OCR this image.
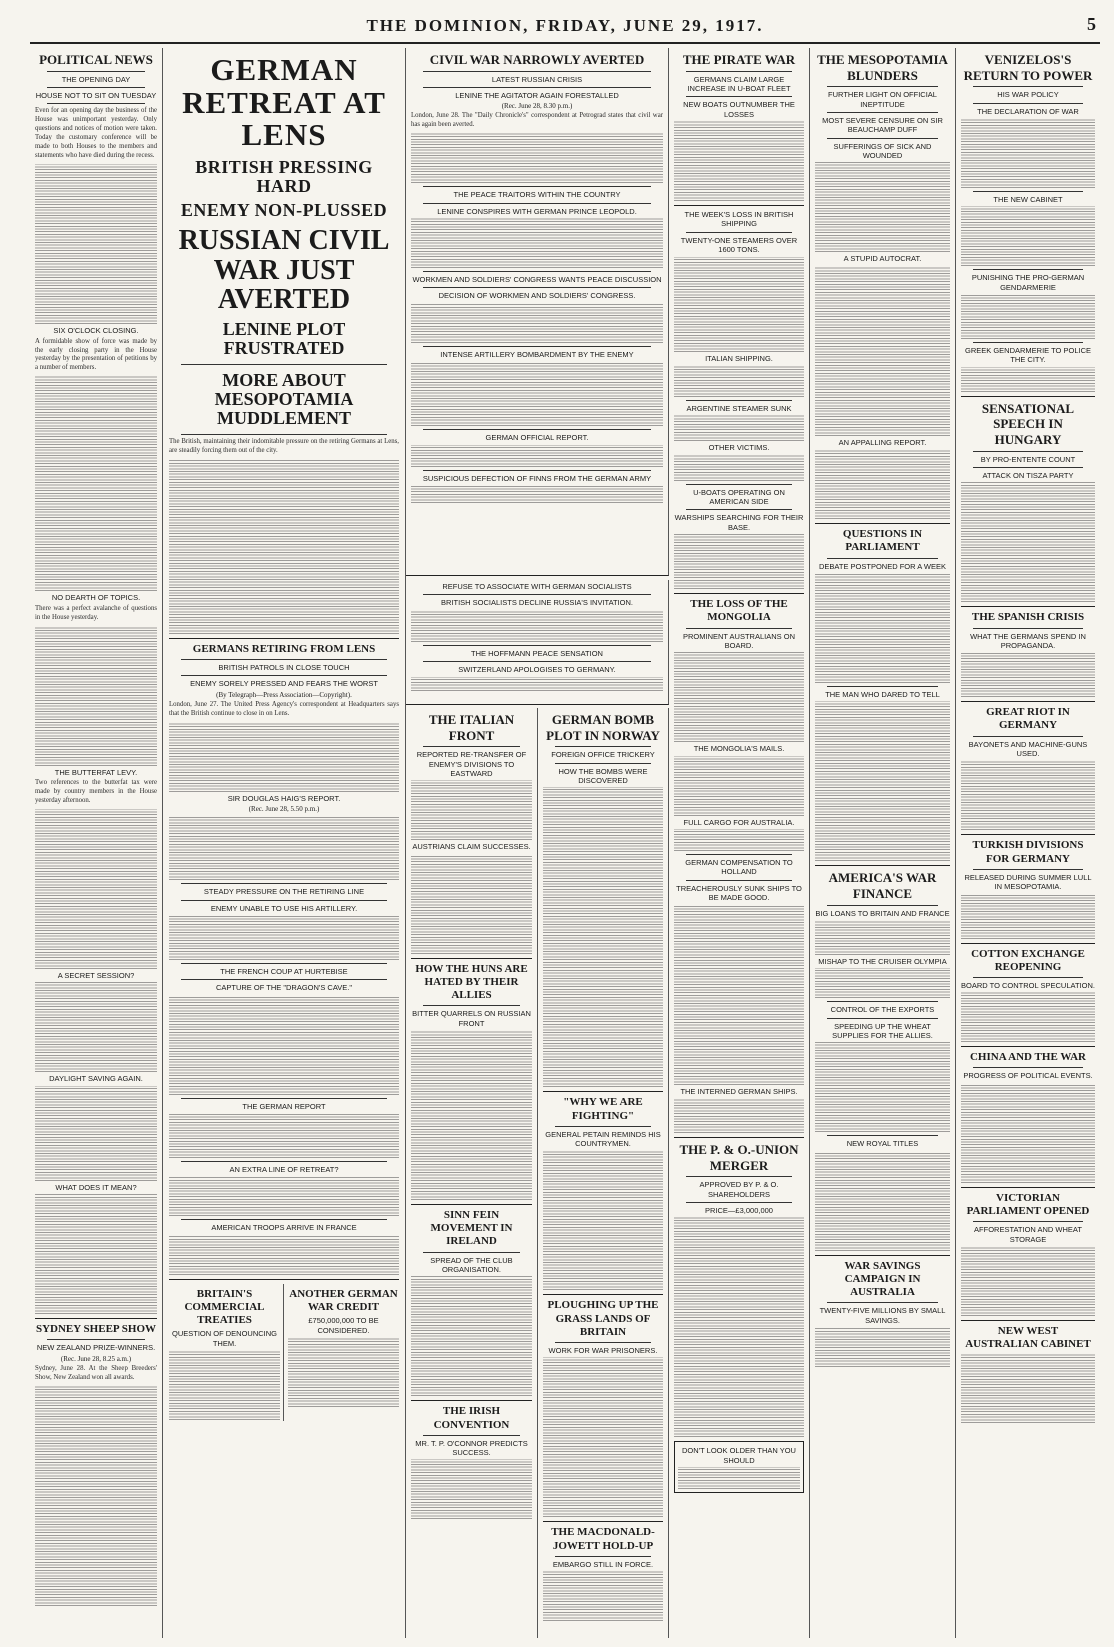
THE DOMINION, FRIDAY, JUNE 29, 1917.	5
POLITICAL NEWS
THE OPENING DAY
HOUSE NOT TO SIT ON TUESDAY

Even for an opening day the business of the House was unimportant yesterday. Only questions and notices of motion were taken. Today the customary conference will be made to both Houses to the members and statements who have died during the recess.

SIX O'CLOCK CLOSING.

A formidable show of force was made by the early closing party in the House yesterday by the presentation of petitions by a number of members.

NO DEARTH OF TOPICS.

There was a perfect avalanche of questions in the House yesterday.

THE BUTTERFAT LEVY.

Two references to the butterfat tax were made by country members in the House yesterday afternoon.

A SECRET SESSION?
DAYLIGHT SAVING AGAIN.
WHAT DOES IT MEAN?
SYDNEY SHEEP SHOW
NEW ZEALAND PRIZE-WINNERS.
(Rec. June 28, 8.25 a.m.)

Sydney, June 28. At the Sheep Breeders' Show, New Zealand won all awards.

GERMAN RETREAT AT LENS
BRITISH PRESSING HARD
ENEMY NON-PLUSSED
RUSSIAN CIVIL WAR JUST AVERTED
LENINE PLOT FRUSTRATED
MORE ABOUT MESOPOTAMIA MUDDLEMENT

The British, maintaining their indomitable pressure on the retiring Germans at Lens, are steadily forcing them out of the city.

GERMANS RETIRING FROM LENS
BRITISH PATROLS IN CLOSE TOUCH
ENEMY SORELY PRESSED AND FEARS THE WORST
(By Telegraph—Press Association—Copyright).

London, June 27. The United Press Agency's correspondent at Headquarters says that the British continue to close in on Lens.

SIR DOUGLAS HAIG'S REPORT.
(Rec. June 28, 5.50 p.m.)
STEADY PRESSURE ON THE RETIRING LINE
ENEMY UNABLE TO USE HIS ARTILLERY.
THE FRENCH COUP AT HURTEBISE
CAPTURE OF THE "DRAGON'S CAVE."
THE GERMAN REPORT
AN EXTRA LINE OF RETREAT?
AMERICAN TROOPS ARRIVE IN FRANCE
BRITAIN'S COMMERCIAL TREATIES
QUESTION OF DENOUNCING THEM.
ANOTHER GERMAN WAR CREDIT
£750,000,000 TO BE CONSIDERED.
CIVIL WAR NARROWLY AVERTED
LATEST RUSSIAN CRISIS
LENINE THE AGITATOR AGAIN FORESTALLED
(Rec. June 28, 8.30 p.m.)

London, June 28. The "Daily Chronicle's" correspondent at Petrograd states that civil war has again been averted.

THE PEACE TRAITORS WITHIN THE COUNTRY
LENINE CONSPIRES WITH GERMAN PRINCE LEOPOLD.
WORKMEN AND SOLDIERS' CONGRESS WANTS PEACE DISCUSSION
DECISION OF WORKMEN AND SOLDIERS' CONGRESS.
INTENSE ARTILLERY BOMBARDMENT BY THE ENEMY
GERMAN OFFICIAL REPORT.
SUSPICIOUS DEFECTION OF FINNS FROM THE GERMAN ARMY
REFUSE TO ASSOCIATE WITH GERMAN SOCIALISTS
BRITISH SOCIALISTS DECLINE RUSSIA'S INVITATION.
THE HOFFMANN PEACE SENSATION
SWITZERLAND APOLOGISES TO GERMANY.
THE ITALIAN FRONT
REPORTED RE-TRANSFER OF ENEMY'S DIVISIONS TO EASTWARD
AUSTRIANS CLAIM SUCCESSES.
HOW THE HUNS ARE HATED BY THEIR ALLIES
BITTER QUARRELS ON RUSSIAN FRONT
SINN FEIN MOVEMENT IN IRELAND
SPREAD OF THE CLUB ORGANISATION.
THE IRISH CONVENTION
MR. T. P. O'CONNOR PREDICTS SUCCESS.
GERMAN BOMB PLOT IN NORWAY
FOREIGN OFFICE TRICKERY
HOW THE BOMBS WERE DISCOVERED
"WHY WE ARE FIGHTING"
GENERAL PETAIN REMINDS HIS COUNTRYMEN.
PLOUGHING UP THE GRASS LANDS OF BRITAIN
WORK FOR WAR PRISONERS.
THE MACDONALD-JOWETT HOLD-UP
EMBARGO STILL IN FORCE.
THE PIRATE WAR
GERMANS CLAIM LARGE INCREASE IN U-BOAT FLEET
NEW BOATS OUTNUMBER THE LOSSES
THE WEEK'S LOSS IN BRITISH SHIPPING
TWENTY-ONE STEAMERS OVER 1600 TONS.
ITALIAN SHIPPING.
ARGENTINE STEAMER SUNK
OTHER VICTIMS.
U-BOATS OPERATING ON AMERICAN SIDE
WARSHIPS SEARCHING FOR THEIR BASE.
THE LOSS OF THE MONGOLIA
PROMINENT AUSTRALIANS ON BOARD.
THE MONGOLIA'S MAILS.
FULL CARGO FOR AUSTRALIA.
GERMAN COMPENSATION TO HOLLAND
TREACHEROUSLY SUNK SHIPS TO BE MADE GOOD.
THE INTERNED GERMAN SHIPS.
THE P. & O.-UNION MERGER
APPROVED BY P. & O. SHAREHOLDERS
PRICE—£3,000,000
DON'T LOOK OLDER THAN YOU SHOULD
THE MESOPOTAMIA BLUNDERS
FURTHER LIGHT ON OFFICIAL INEPTITUDE
MOST SEVERE CENSURE ON SIR BEAUCHAMP DUFF
SUFFERINGS OF SICK AND WOUNDED
A STUPID AUTOCRAT.
AN APPALLING REPORT.
QUESTIONS IN PARLIAMENT
DEBATE POSTPONED FOR A WEEK
THE MAN WHO DARED TO TELL
AMERICA'S WAR FINANCE
BIG LOANS TO BRITAIN AND FRANCE
MISHAP TO THE CRUISER OLYMPIA
CONTROL OF THE EXPORTS
SPEEDING UP THE WHEAT SUPPLIES FOR THE ALLIES.
NEW ROYAL TITLES
WAR SAVINGS CAMPAIGN IN AUSTRALIA
TWENTY-FIVE MILLIONS BY SMALL SAVINGS.
VENIZELOS'S RETURN TO POWER
HIS WAR POLICY
THE DECLARATION OF WAR
THE NEW CABINET
PUNISHING THE PRO-GERMAN GENDARMERIE
GREEK GENDARMERIE TO POLICE THE CITY.
SENSATIONAL SPEECH IN HUNGARY
BY PRO-ENTENTE COUNT
ATTACK ON TISZA PARTY
THE SPANISH CRISIS
WHAT THE GERMANS SPEND IN PROPAGANDA.
GREAT RIOT IN GERMANY
BAYONETS AND MACHINE-GUNS USED.
TURKISH DIVISIONS FOR GERMANY
RELEASED DURING SUMMER LULL IN MESOPOTAMIA.
COTTON EXCHANGE REOPENING
BOARD TO CONTROL SPECULATION.
CHINA AND THE WAR
PROGRESS OF POLITICAL EVENTS.
VICTORIAN PARLIAMENT OPENED
AFFORESTATION AND WHEAT STORAGE
NEW WEST AUSTRALIAN CABINET
